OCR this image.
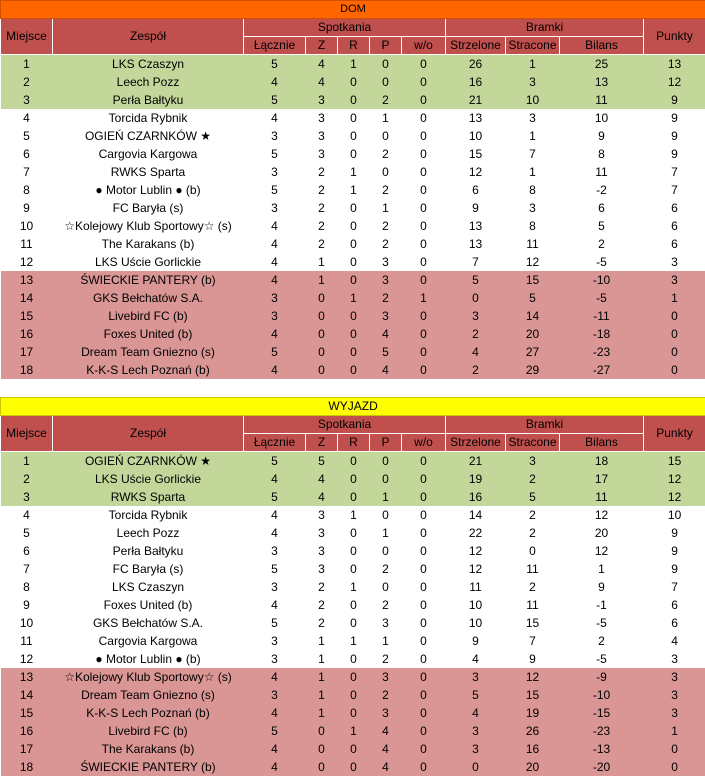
DOM										
Miejsce	Zespół	Spotkania					Bramki			Punkty
		Łącznie	Z	R	P	w/o	Strzelone	Stracone	Bilans	
1	LKS Czaszyn	5	4	1	0	0	26	1	25	13
2	Leech Pozz	4	4	0	0	0	16	3	13	12
3	Perła Bałtyku	5	3	0	2	0	21	10	11	9
4	Torcida Rybnik	4	3	0	1	0	13	3	10	9
5	OGIEŃ CZARNKÓW ★	3	3	0	0	0	10	1	9	9
6	Cargovia Kargowa	5	3	0	2	0	15	7	8	9
7	RWKS Sparta	3	2	1	0	0	12	1	11	7
8	● Motor Lublin ● (b)	5	2	1	2	0	6	8	-2	7
9	FC Baryła (s)	3	2	0	1	0	9	3	6	6
10	☆Kolejowy Klub Sportowy☆ (s)	4	2	0	2	0	13	8	5	6
11	The Karakans (b)	4	2	0	2	0	13	11	2	6
12	LKS Uście Gorlickie	4	1	0	3	0	7	12	-5	3
13	ŚWIECKIE PANTERY (b)	4	1	0	3	0	5	15	-10	3
14	GKS Bełchatów S.A.	3	0	1	2	1	0	5	-5	1
15	Livebird FC (b)	3	0	0	3	0	3	14	-11	0
16	Foxes United (b)	4	0	0	4	0	2	20	-18	0
17	Dream Team Gniezno (s)	5	0	0	5	0	4	27	-23	0
18	K-K-S Lech Poznań (b)	4	0	0	4	0	2	29	-27	0
WYJAZD										
Miejsce	Zespół	Spotkania					Bramki			Punkty
		Łącznie	Z	R	P	w/o	Strzelone	Stracone	Bilans	
1	OGIEŃ CZARNKÓW ★	5	5	0	0	0	21	3	18	15
2	LKS Uście Gorlickie	4	4	0	0	0	19	2	17	12
3	RWKS Sparta	5	4	0	1	0	16	5	11	12
4	Torcida Rybnik	4	3	1	0	0	14	2	12	10
5	Leech Pozz	4	3	0	1	0	22	2	20	9
6	Perła Bałtyku	3	3	0	0	0	12	0	12	9
7	FC Baryła (s)	5	3	0	2	0	12	11	1	9
8	LKS Czaszyn	3	2	1	0	0	11	2	9	7
9	Foxes United (b)	4	2	0	2	0	10	11	-1	6
10	GKS Bełchatów S.A.	5	2	0	3	0	10	15	-5	6
11	Cargovia Kargowa	3	1	1	1	0	9	7	2	4
12	● Motor Lublin ● (b)	3	1	0	2	0	4	9	-5	3
13	☆Kolejowy Klub Sportowy☆ (s)	4	1	0	3	0	3	12	-9	3
14	Dream Team Gniezno (s)	3	1	0	2	0	5	15	-10	3
15	K-K-S Lech Poznań (b)	4	1	0	3	0	4	19	-15	3
16	Livebird FC (b)	5	0	1	4	0	3	26	-23	1
17	The Karakans (b)	4	0	0	4	0	3	16	-13	0
18	ŚWIECKIE PANTERY (b)	4	0	0	4	0	0	20	-20	0
